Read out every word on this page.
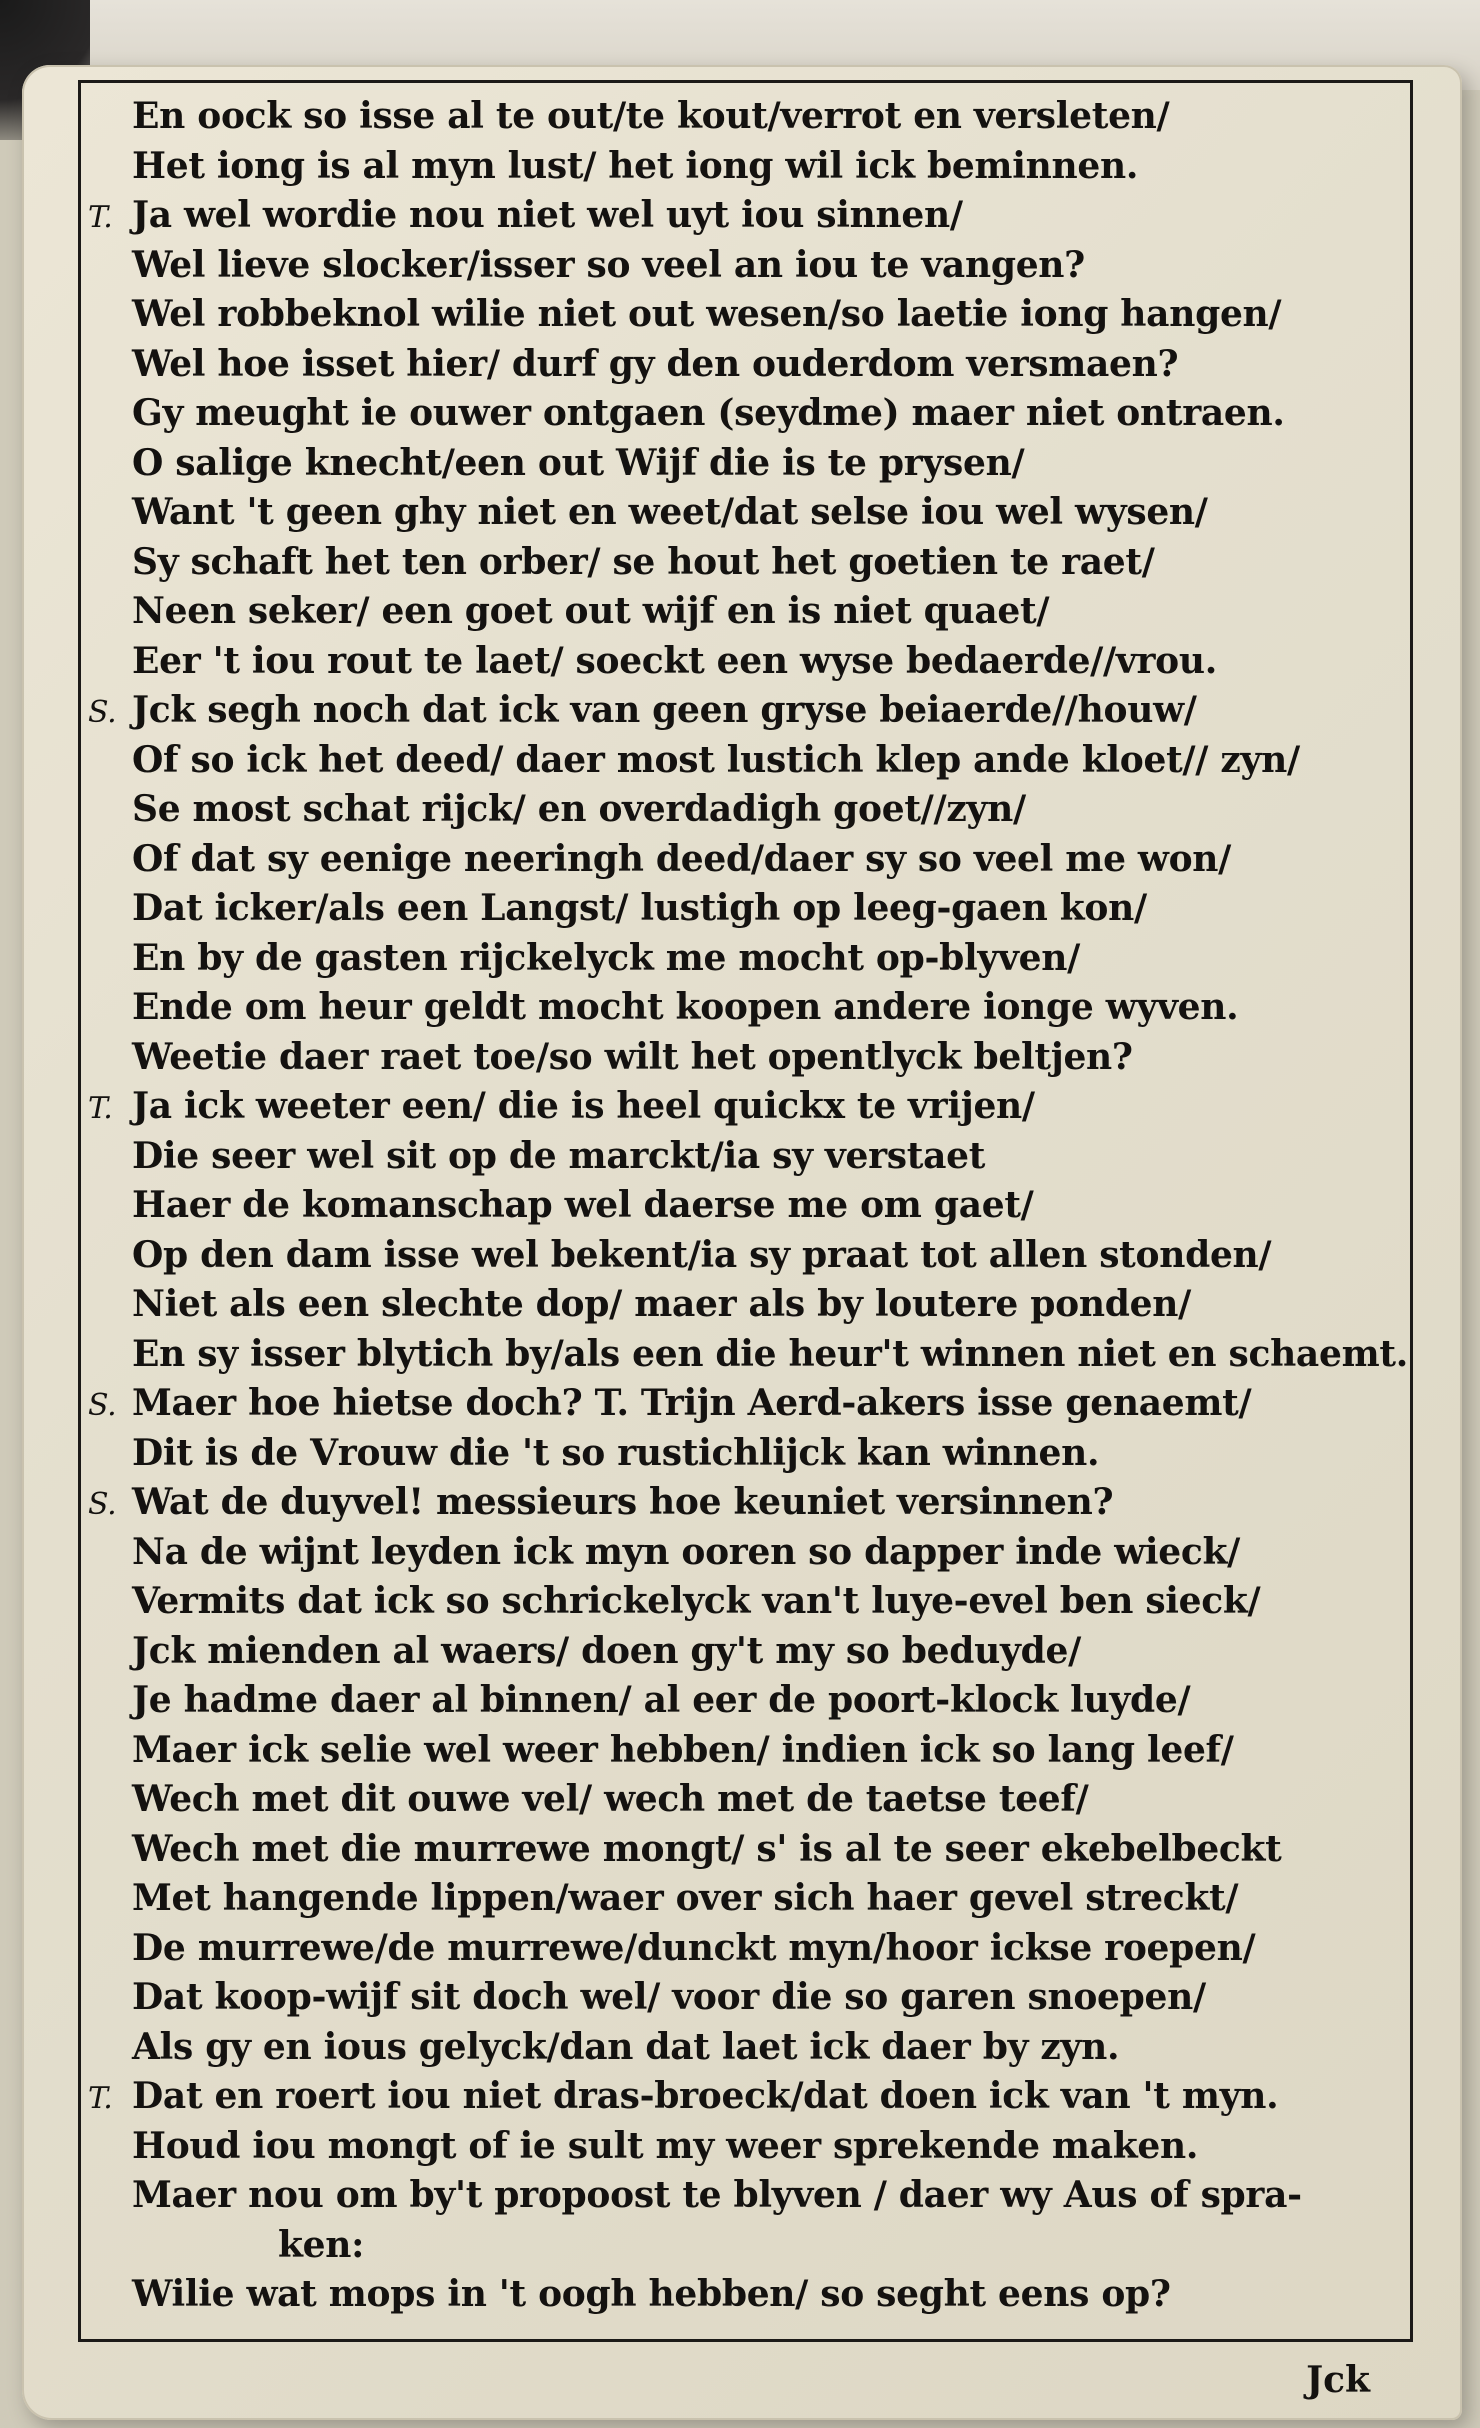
En oock so isse al te out/te kout/verrot en versleten/
Het iong is al myn lust/ het iong wil ick beminnen.
T. Ja wel wordie nou niet wel uyt iou sinnen/
Wel lieve slocker/isser so veel an iou te vangen?
Wel robbeknol wilie niet out wesen/so laetie iong hangen/
Wel hoe isset hier/ durf gy den ouderdom versmaen?
Gy meught ie ouwer ontgaen (seydme) maer niet ontraen.
O salige knecht/een out Wijf die is te prysen/
Want 't geen ghy niet en weet/dat selse iou wel wysen/
Sy schaft het ten orber/ se hout het goetien te raet/
Neen seker/ een goet out wijf en is niet quaet/
Eer 't iou rout te laet/ soeckt een wyse bedaerde//vrou.
S. Jck segh noch dat ick van geen gryse beiaerde//houw/
Of so ick het deed/ daer most lustich klep ande kloet// zyn/
Se most schat rijck/ en overdadigh goet//zyn/
Of dat sy eenige neeringh deed/daer sy so veel me won/
Dat icker/als een Langst/ lustigh op leeg-gaen kon/
En by de gasten rijckelyck me mocht op-blyven/
Ende om heur geldt mocht koopen andere ionge wyven.
Weetie daer raet toe/so wilt het opentlyck beltjen?
T. Ja ick weeter een/ die is heel quickx te vrijen/
Die seer wel sit op de marckt/ia sy verstaet
Haer de komanschap wel daerse me om gaet/
Op den dam isse wel bekent/ia sy praat tot allen stonden/
Niet als een slechte dop/ maer als by loutere ponden/
En sy isser blytich by/als een die heur't winnen niet en schaemt.
S. Maer hoe hietse doch? T. Trijn Aerd-akers isse genaemt/
Dit is de Vrouw die 't so rustichlijck kan winnen.
S. Wat de duyvel! messieurs hoe keuniet versinnen?
Na de wijnt leyden ick myn ooren so dapper inde wieck/
Vermits dat ick so schrickelyck van't luye-evel ben sieck/
Jck mienden al waers/ doen gy't my so beduyde/
Je hadme daer al binnen/ al eer de poort-klock luyde/
Maer ick selie wel weer hebben/ indien ick so lang leef/
Wech met dit ouwe vel/ wech met de taetse teef/
Wech met die murrewe mongt/ s' is al te seer ekebelbeckt
Met hangende lippen/waer over sich haer gevel streckt/
De murrewe/de murrewe/dunckt myn/hoor ickse roepen/
Dat koop-wijf sit doch wel/ voor die so garen snoepen/
Als gy en ious gelyck/dan dat laet ick daer by zyn.
T. Dat en roert iou niet dras-broeck/dat doen ick van 't myn.
Houd iou mongt of ie sult my weer sprekende maken.
Maer nou om by't propoost te blyven / daer wy Aus of spra-
ken:
Wilie wat mops in 't oogh hebben/ so seght eens op?
Jck
